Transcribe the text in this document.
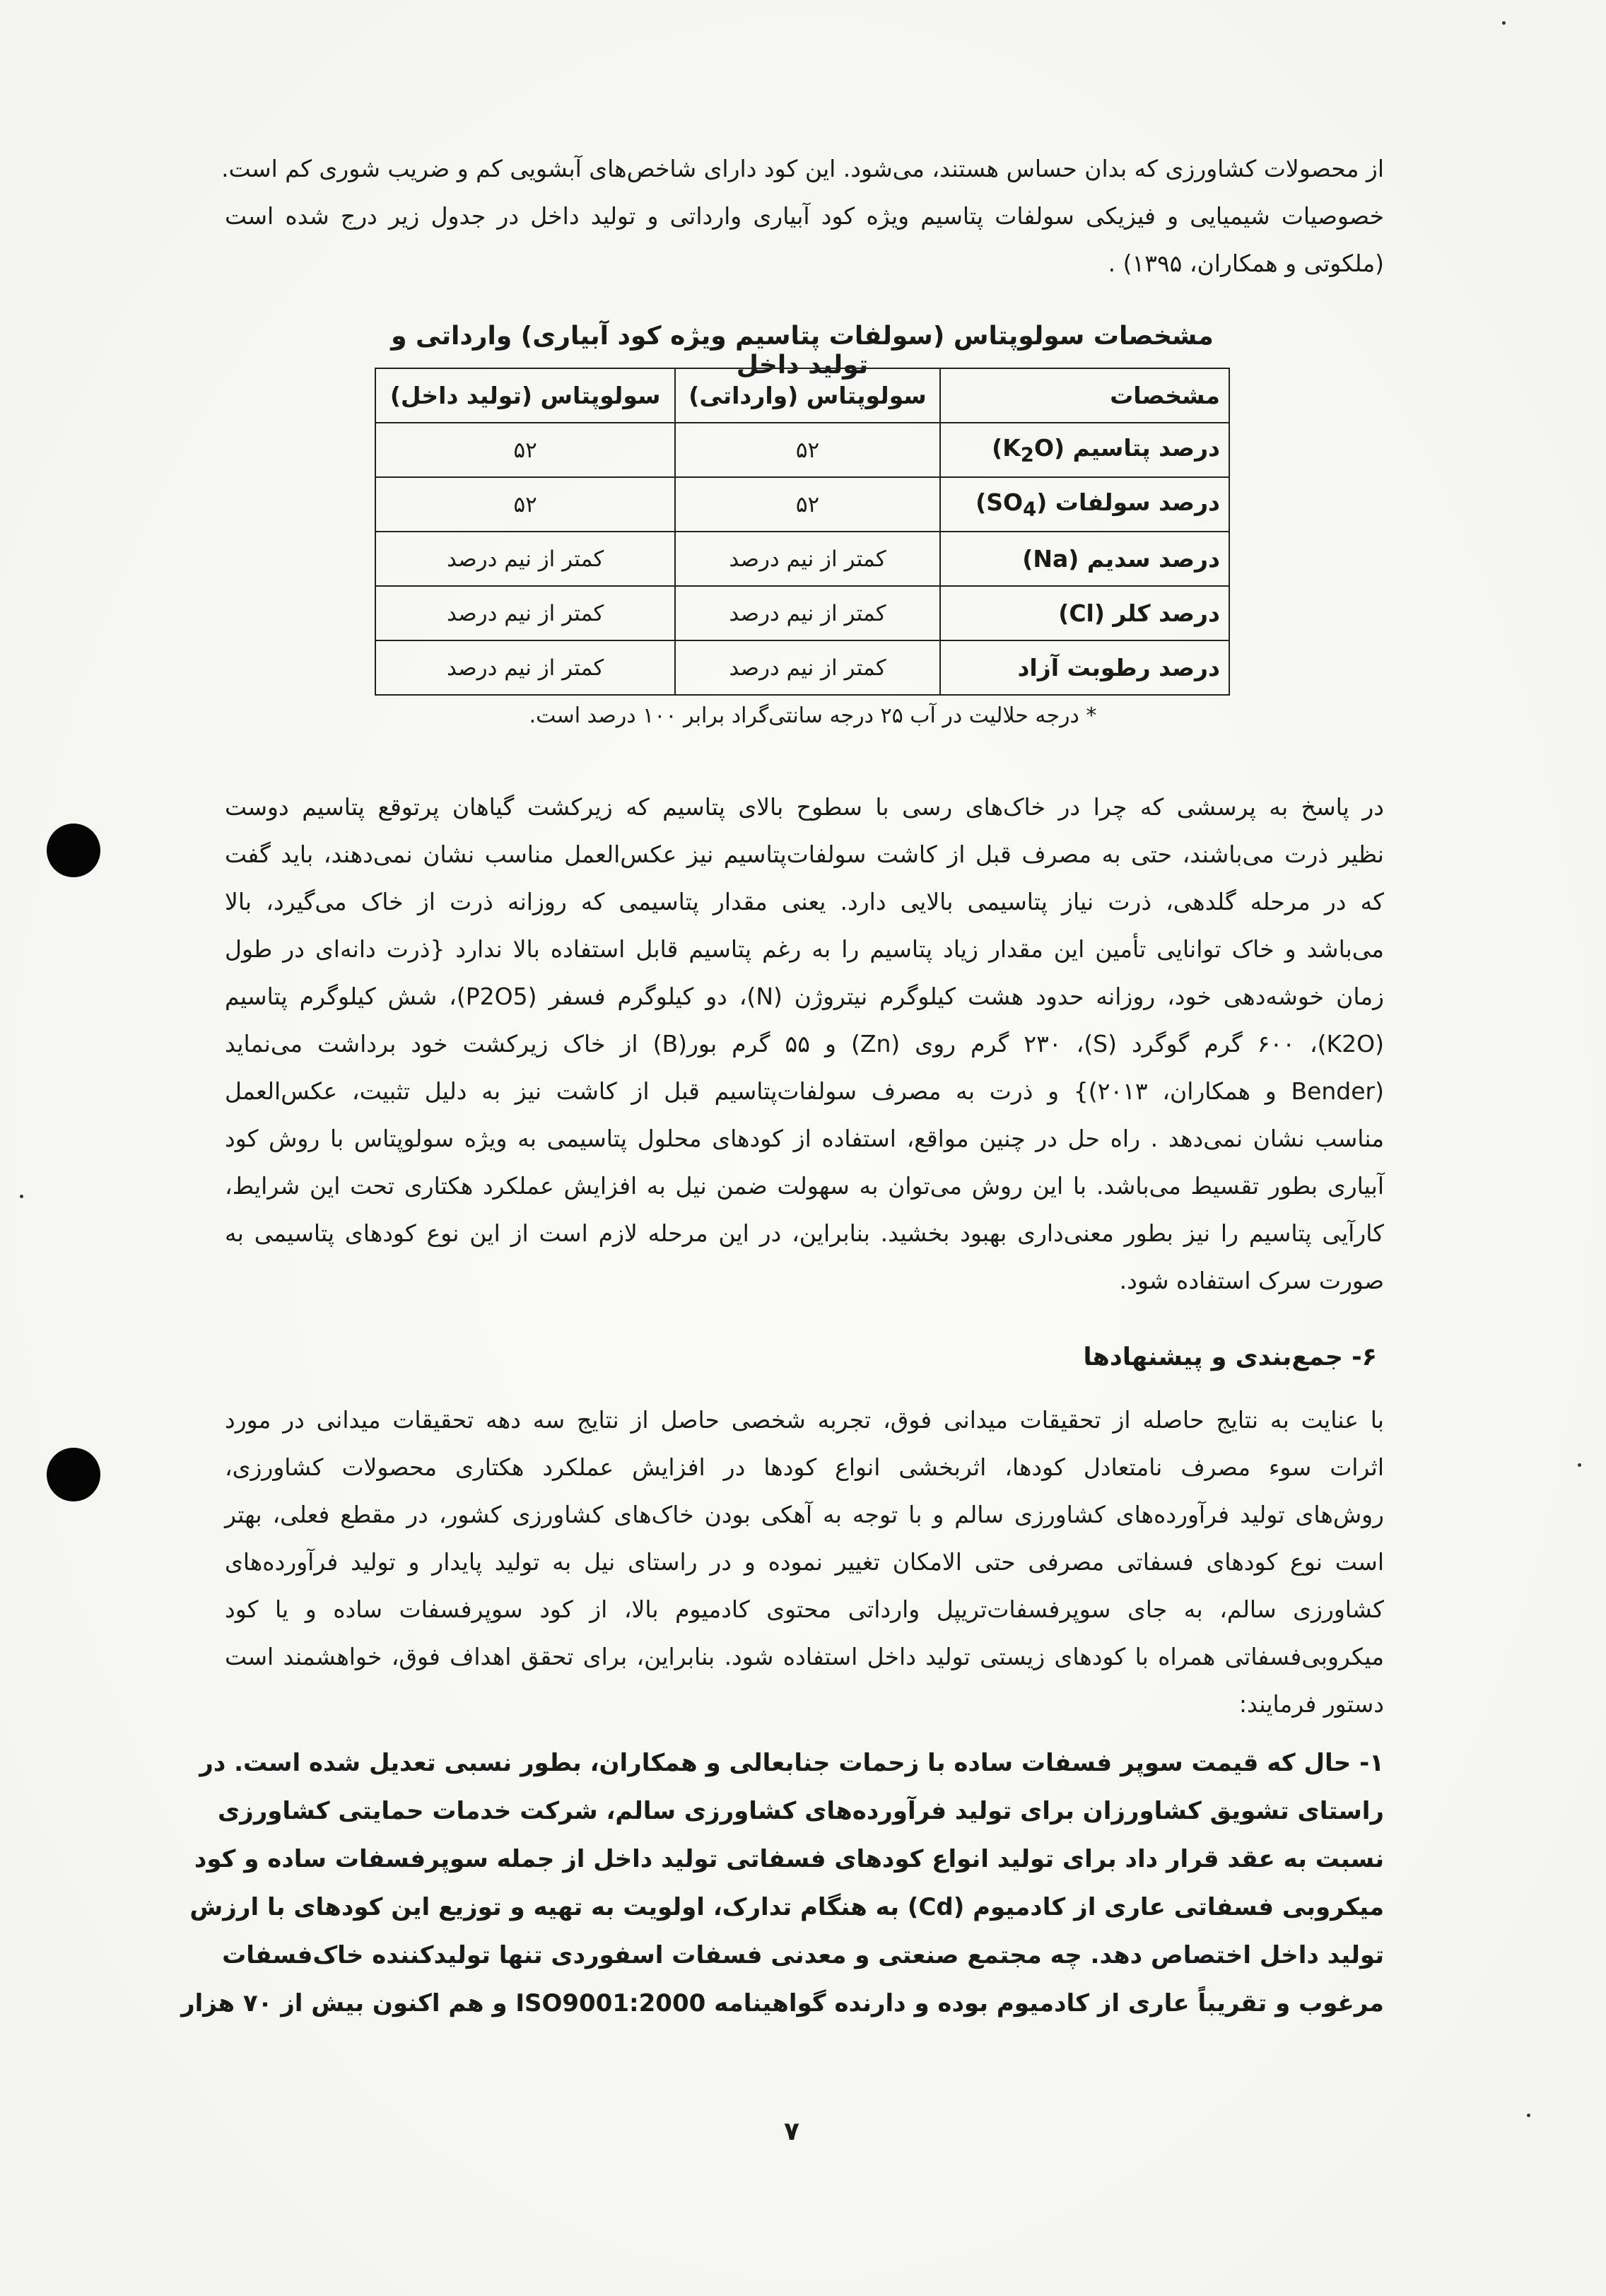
از محصولات کشاورزی که بدان حساس هستند، می‌شود. این کود دارای شاخص‌های آبشویی کم و ضریب شوری کم است.
خصوصیات شیمیایی و فیزیکی سولفات پتاسیم ویژه کود آبیاری وارداتی و تولید داخل در جدول زیر درج شده است
(ملکوتی و همکاران، ۱۳۹۵) .
مشخصات سولوپتاس (سولفات پتاسیم ویژه کود آبیاری) وارداتی و تولید داخل
مشخصات	سولوپتاس (وارداتی)	سولوپتاس (تولید داخل)
درصد پتاسیم $(K_2O)$	۵۲	۵۲
درصد سولفات $(SO_4)$	۵۲	۵۲
درصد سدیم (Na)	کمتر از نیم درصد	کمتر از نیم درصد
درصد کلر (Cl)	کمتر از نیم درصد	کمتر از نیم درصد
درصد رطوبت آزاد	کمتر از نیم درصد	کمتر از نیم درصد
* درجه حلالیت در آب ۲۵ درجه سانتی‌گراد برابر ۱۰۰ درصد است.
در پاسخ به پرسشی که چرا در خاک‌های رسی با سطوح بالای پتاسیم که زیرکشت گیاهان پرتوقع پتاسیم دوست
نظیر ذرت می‌باشند، حتی به مصرف قبل از کاشت سولفات‌پتاسیم نیز عکس‌العمل مناسب نشان نمی‌دهند، باید گفت
که در مرحله گلدهی، ذرت نیاز پتاسیمی بالایی دارد. یعنی مقدار پتاسیمی که روزانه ذرت از خاک می‌گیرد، بالا
می‌باشد و خاک توانایی تأمین این مقدار زیاد پتاسیم را به رغم پتاسیم قابل استفاده بالا ندارد {ذرت دانه‌ای در طول
زمان خوشه‌دهی خود، روزانه حدود هشت کیلوگرم نیتروژن (N)، دو کیلوگرم فسفر (P2O5)، شش کیلوگرم پتاسیم
(K2O)، ۶۰۰ گرم گوگرد (S)، ۲۳۰ گرم روی (Zn) و ۵۵ گرم بور(B) از خاک زیرکشت خود برداشت می‌نماید
(Bender و همکاران، ۲۰۱۳)} و ذرت به مصرف سولفات‌پتاسیم قبل از کاشت نیز به دلیل تثبیت، عکس‌العمل
مناسب نشان نمی‌دهد . راه حل در چنین مواقع، استفاده از کودهای محلول پتاسیمی به ویژه سولوپتاس با روش کود
آبیاری بطور تقسیط می‌باشد. با این روش می‌توان به سهولت ضمن نیل به افزایش عملکرد هکتاری تحت این شرایط،
کارآیی پتاسیم را نیز بطور معنی‌داری بهبود بخشید. بنابراین، در این مرحله لازم است از این نوع کودهای پتاسیمی به
صورت سرک استفاده شود.
۶- جمع‌بندی و پیشنهادها
با عنایت به نتایج حاصله از تحقیقات میدانی فوق، تجربه شخصی حاصل از نتایج سه دهه تحقیقات میدانی در مورد
اثرات سوء مصرف نامتعادل کودها، اثربخشی انواع کودها در افزایش عملکرد هکتاری محصولات کشاورزی،
روش‌های تولید فرآورده‌های کشاورزی سالم و با توجه به آهکی بودن خاک‌های کشاورزی کشور، در مقطع فعلی، بهتر
است نوع کودهای فسفاتی مصرفی حتی الامکان تغییر نموده و در راستای نیل به تولید پایدار و تولید فرآورده‌های
کشاورزی سالم، به جای سوپرفسفات‌تریپل وارداتی محتوی کادمیوم بالا، از کود سوپرفسفات ساده و یا کود
میکروبی‌فسفاتی همراه با کودهای زیستی تولید داخل استفاده شود. بنابراین، برای تحقق اهداف فوق، خواهشمند است
دستور فرمایند:
۱- حال که قیمت سوپر فسفات ساده با زحمات جنابعالی و همکاران، بطور نسبی تعدیل شده است. در
راستای تشویق کشاورزان برای تولید فرآورده‌های کشاورزی سالم، شرکت خدمات حمایتی کشاورزی
نسبت به عقد قرار داد برای تولید انواع کودهای فسفاتی تولید داخل از جمله سوپرفسفات ساده و کود
میکروبی فسفاتی عاری از کادمیوم (Cd) به هنگام تدارک، اولویت به تهیه و توزیع این کودهای با ارزش
تولید داخل اختصاص دهد. چه مجتمع صنعتی و معدنی فسفات اسفوردی تنها تولیدکننده خاک‌فسفات
مرغوب و تقریباً عاری از کادمیوم بوده و دارنده گواهینامه ISO9001:2000 و هم اکنون بیش از ۷۰ هزار
۷
